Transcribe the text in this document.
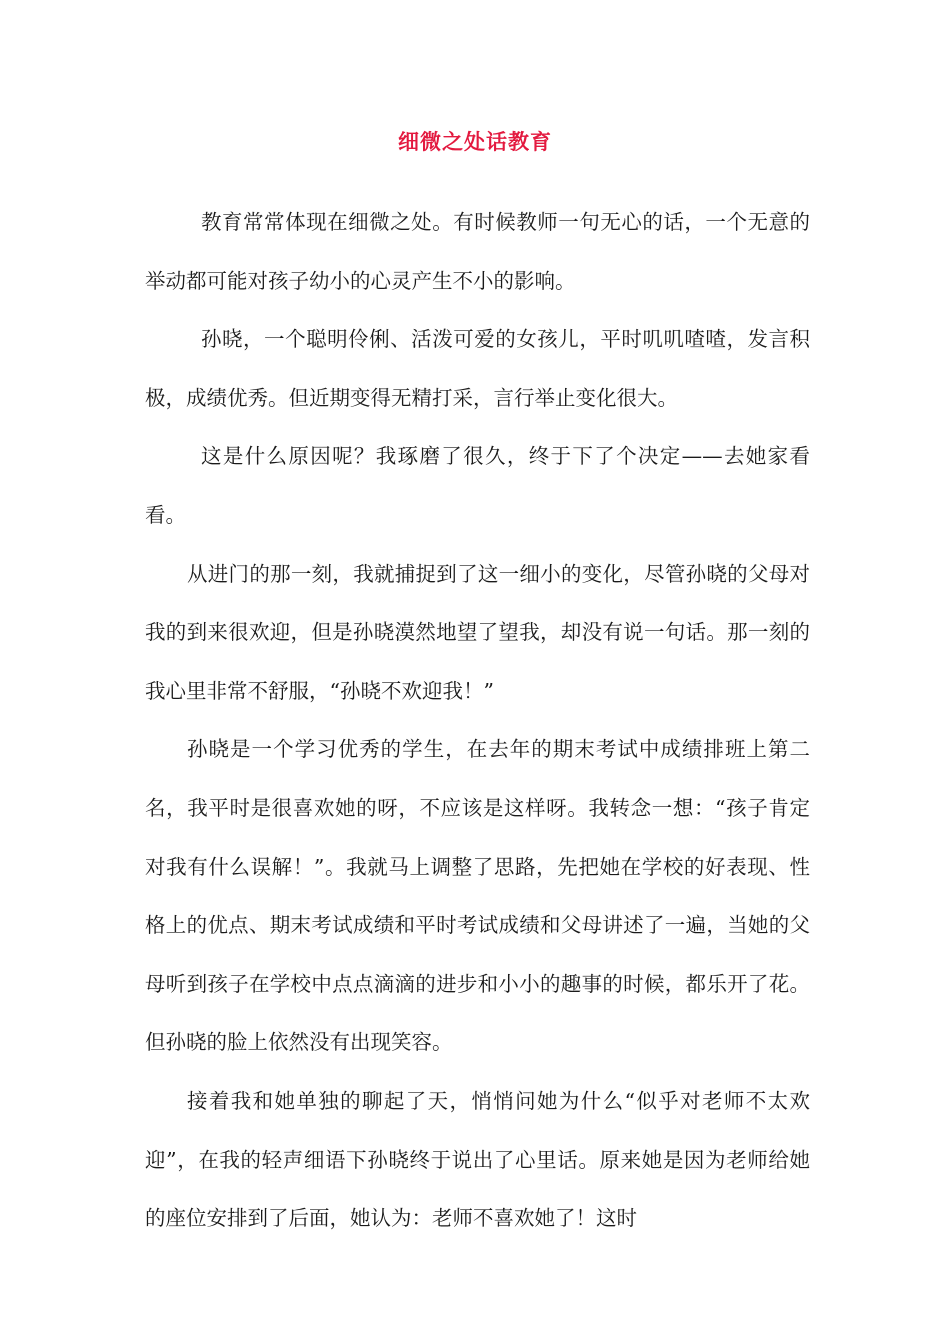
细微之处话教育

教育常常体现在细微之处。有时候教师一句无心的话，一个无意的举动都可能对孩子幼小的心灵产生不小的影响。

孙晓，一个聪明伶俐、活泼可爱的女孩儿，平时叽叽喳喳，发言积极，成绩优秀。但近期变得无精打采，言行举止变化很大。

这是什么原因呢？我琢磨了很久，终于下了个决定——去她家看看。

从进门的那一刻，我就捕捉到了这一细小的变化，尽管孙晓的父母对我的到来很欢迎，但是孙晓漠然地望了望我，却没有说一句话。那一刻的我心里非常不舒服，“孙晓不欢迎我！”

孙晓是一个学习优秀的学生，在去年的期末考试中成绩排班上第二名，我平时是很喜欢她的呀，不应该是这样呀。我转念一想：“孩子肯定对我有什么误解！”。我就马上调整了思路，先把她在学校的好表现、性格上的优点、期末考试成绩和平时考试成绩和父母讲述了一遍，当她的父母听到孩子在学校中点点滴滴的进步和小小的趣事的时候，都乐开了花。但孙晓的脸上依然没有出现笑容。

接着我和她单独的聊起了天，悄悄问她为什么“似乎对老师不太欢迎”，在我的轻声细语下孙晓终于说出了心里话。原来她是因为老师给她的座位安排到了后面，她认为：老师不喜欢她了！这时
